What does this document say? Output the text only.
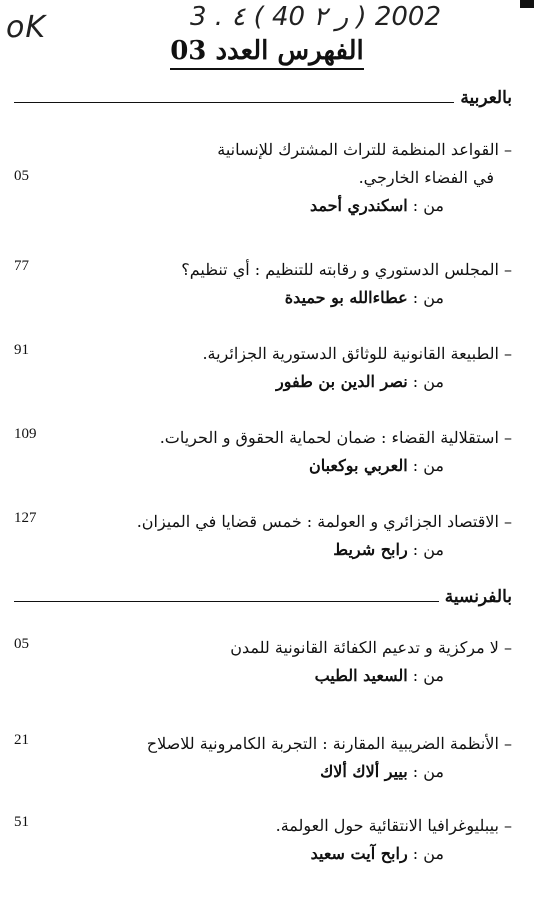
oK	3 . ٤ ( 40 ر ٢ ) 2002
الفهرس العدد 03
بالعربية
– القواعد المنظمة للتراث المشترك للإنسانية
في الفضاء الخارجي.
من : اسكندري أحمد
05
– المجلس الدستوري و رقابته للتنظيم : أي تنظيم؟
من : عطاءالله بو حميدة
77
– الطبيعة القانونية للوثائق الدستورية الجزائرية.
من : نصر الدين بن طفور
91
– استقلالية القضاء : ضمان لحماية الحقوق و الحريات.
من : العربي بوكعبان
109
– الاقتصاد الجزائري و العولمة : خمس قضايا في الميزان.
من : رابح شريط
127
بالفرنسية
– لا مركزية و تدعيم الكفائة القانونية للمدن
من : السعيد الطيب
05
– الأنظمة الضريبية المقارنة : التجربة الكامرونية للاصلاح
من : بيير ألاك ألاك
21
– بيبليوغرافيا الانتقائية حول العولمة.
من : رابح آيت سعيد
51
